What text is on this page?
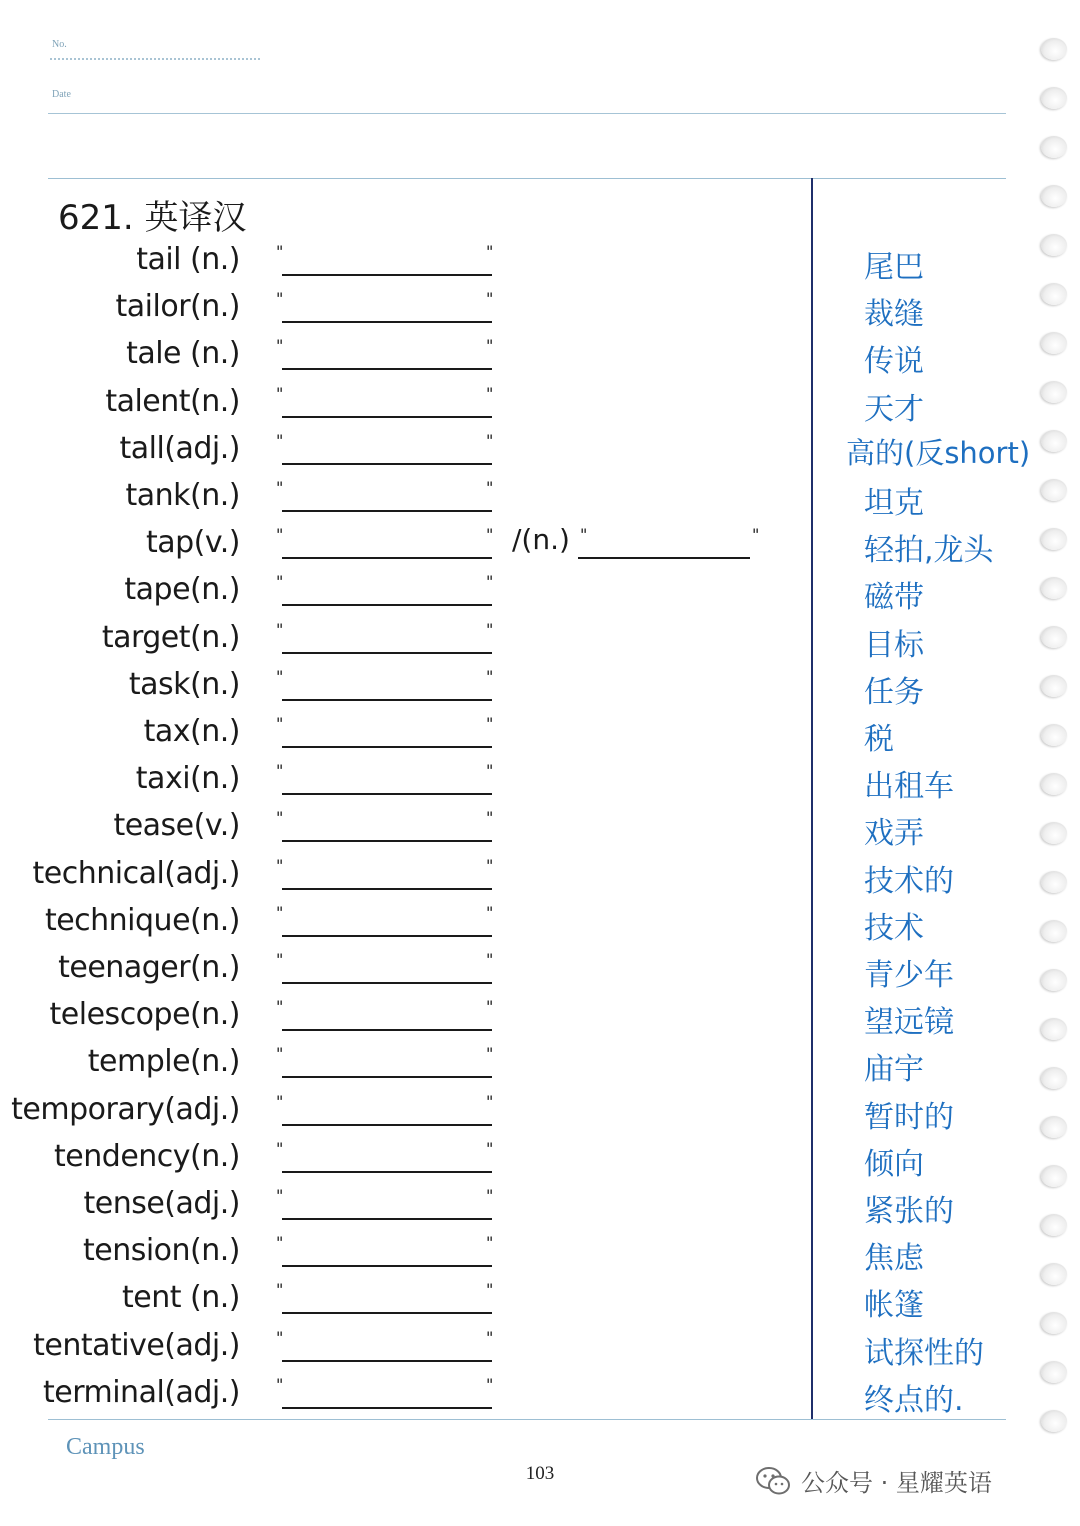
No.
Date
621. 英译汉
tail (n.) "	"	尾巴
tailor(n.) "	"	裁缝
tale (n.) "	"	传说
talent(n.) "	"	天才
tall(adj.) "	"	高的(反short)
tank(n.) "	"	坦克
tap(v.) "	" /(n.) "	"	轻拍,龙头
tape(n.) "	"	磁带
target(n.) "	"	目标
task(n.) "	"	任务
tax(n.) "	"	税
taxi(n.) "	"	出租车
tease(v.) "	"	戏弄
technical(adj.) "	"	技术的
technique(n.) "	"	技术
teenager(n.) "	"	青少年
telescope(n.) "	"	望远镜
temple(n.) "	"	庙宇
temporary(adj.) "	"	暂时的
tendency(n.) "	"	倾向
tense(adj.) "	"	紧张的
tension(n.) "	"	焦虑
tent (n.) "	"	帐篷
tentative(adj.) "	"	试探性的
terminal(adj.) "	"	终点的.
Campus
103	公众号 · 星耀英语
